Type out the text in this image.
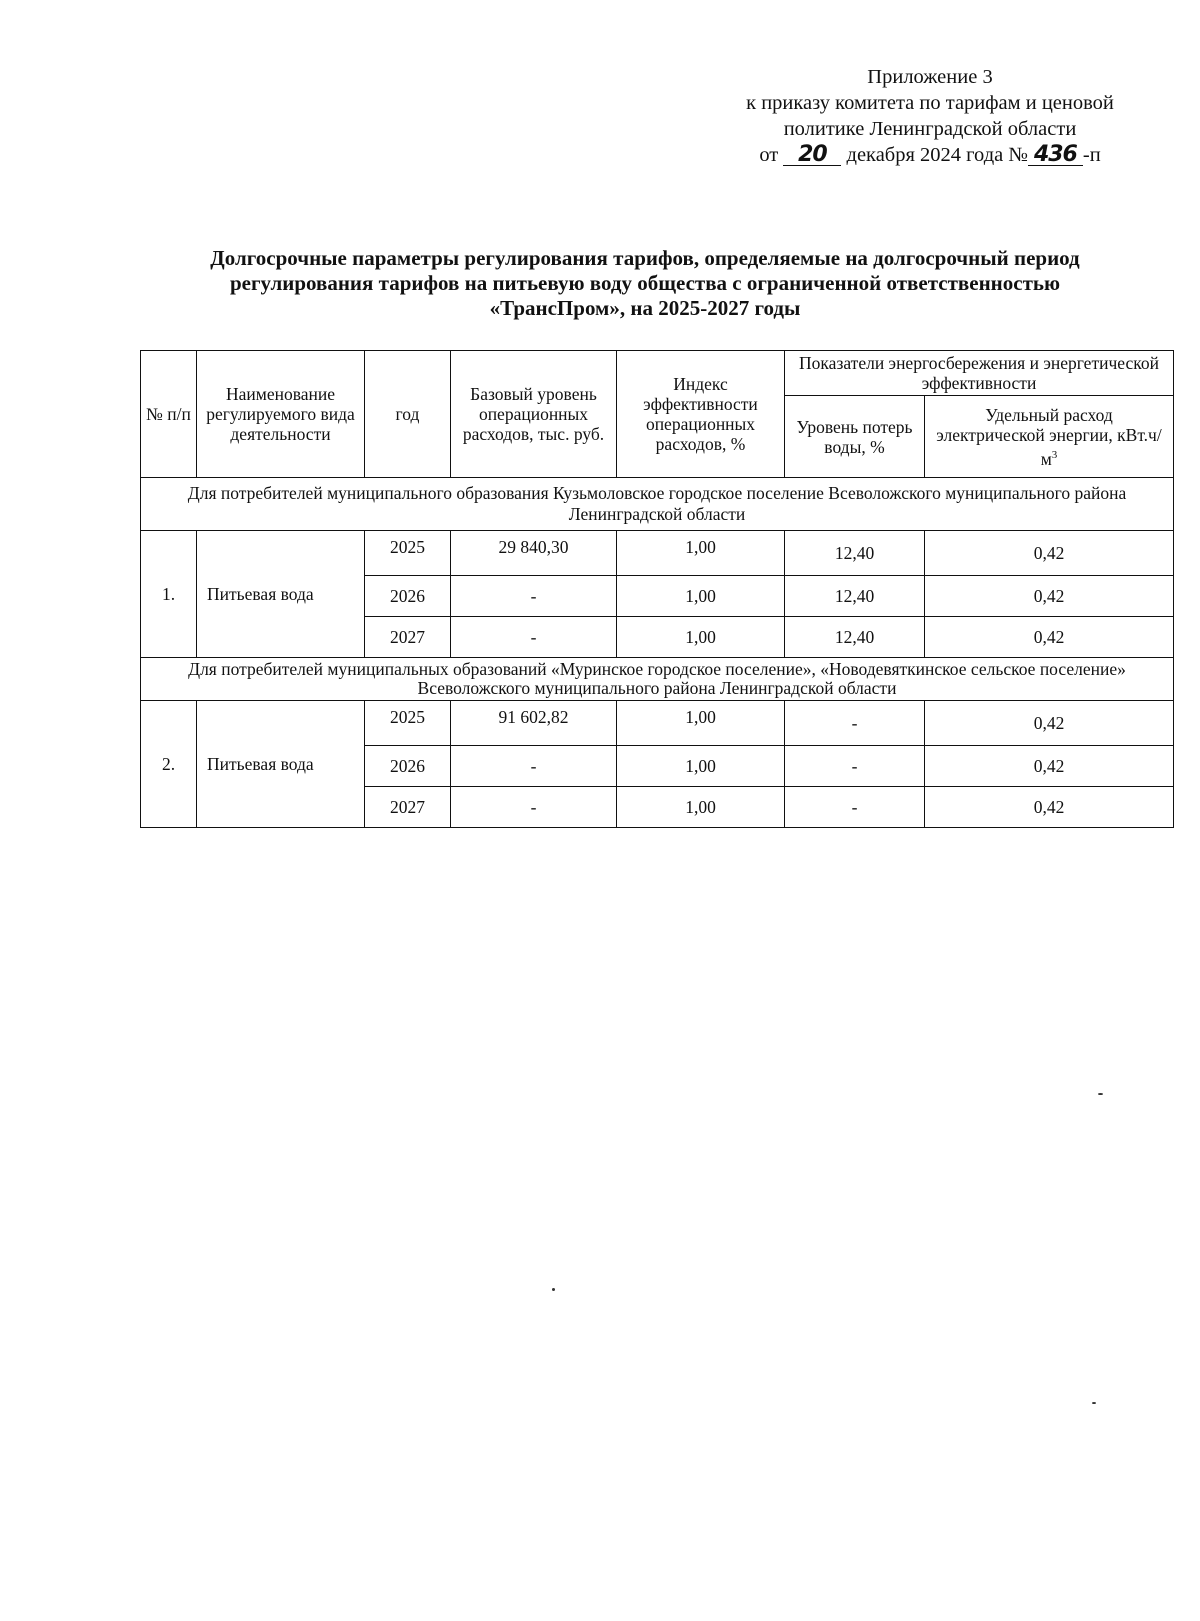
Приложение 3
к приказу комитета по тарифам и ценовой
политике Ленинградской области
от 20 декабря 2024 года № 436 -п
Долгосрочные параметры регулирования тарифов, определяемые на долгосрочный период
регулирования тарифов на питьевую воду общества с ограниченной ответственностью
«ТрансПром», на 2025-2027 годы
№ п/п	Наименование регулируемого вида деятельности	год	Базовый уровень операционных расходов, тыс. руб.	Индекс эффективности операционных расходов, %	Показатели энергосбережения и энергетической эффективности	
					Уровень потерь воды, %	Удельный расход электрической энергии, $кВт.ч/м^3$
Для потребителей муниципального образования Кузьмоловское городское поселение Всеволожского муниципального района Ленинградской области						
1.	Питьевая вода	2025	29 840,30	1,00	12,40	0,42
		2026	-	1,00	12,40	0,42
		2027	-	1,00	12,40	0,42
Для потребителей муниципальных образований «Муринское городское поселение», «Новодевяткинское сельское поселение» Всеволожского муниципального района Ленинградской области						
2.	Питьевая вода	2025	91 602,82	1,00	-	0,42
		2026	-	1,00	-	0,42
		2027	-	1,00	-	0,42
